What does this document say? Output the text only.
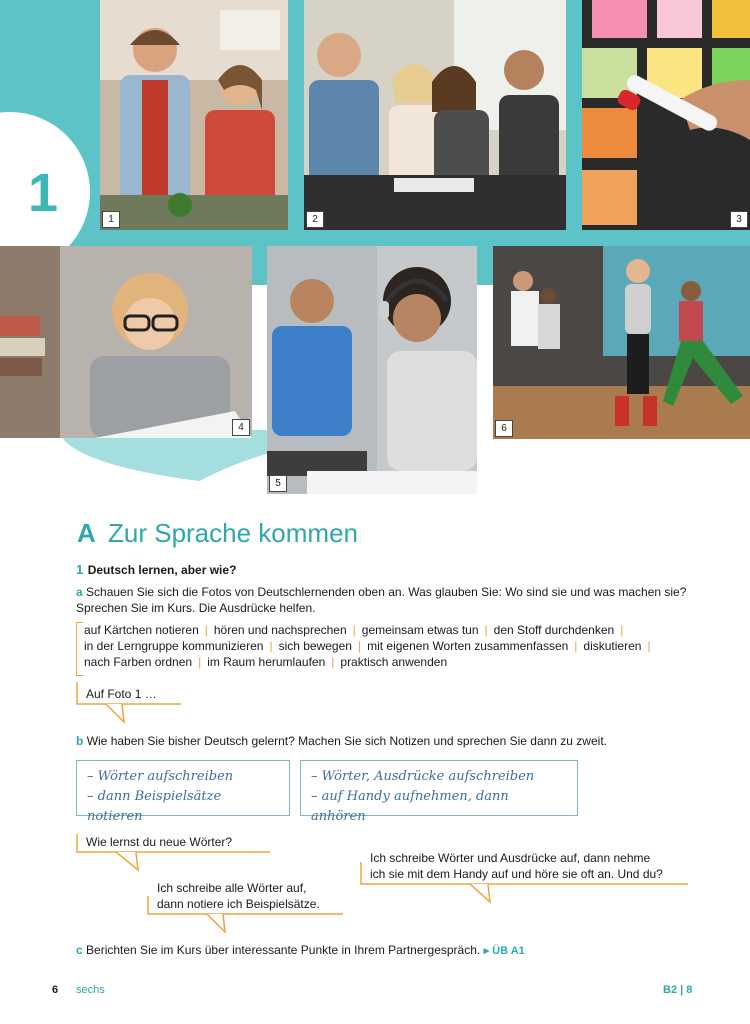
1	1	2	3
4
5
6
A Zur Sprache kommen
1 Deutsch lernen, aber wie?
a Schauen Sie sich die Fotos von Deutschlernenden oben an. Was glauben Sie: Wo sind sie und was machen sie?
Sprechen Sie im Kurs. Die Ausdrücke helfen.
auf Kärtchen notieren | hören und nachsprechen | gemeinsam etwas tun | den Stoff durchdenken |
in der Lerngruppe kommunizieren | sich bewegen | mit eigenen Worten zusammenfassen | diskutieren |
nach Farben ordnen | im Raum herumlaufen | praktisch anwenden
Auf Foto 1 …
b Wie haben Sie bisher Deutsch gelernt? Machen Sie sich Notizen und sprechen Sie dann zu zweit.
– Wörter aufschreiben
– dann Beispielsätze notieren
– Wörter, Ausdrücke aufschreiben
– auf Handy aufnehmen, dann anhören
Wie lernst du neue Wörter?
Ich schreibe Wörter und Ausdrücke auf, dann nehme
ich sie mit dem Handy auf und höre sie oft an. Und du?
Ich schreibe alle Wörter auf,
dann notiere ich Beispielsätze.
c Berichten Sie im Kurs über interessante Punkte in Ihrem Partnergespräch. ▸ ÜB A1
6 sechs	B2 | 8
